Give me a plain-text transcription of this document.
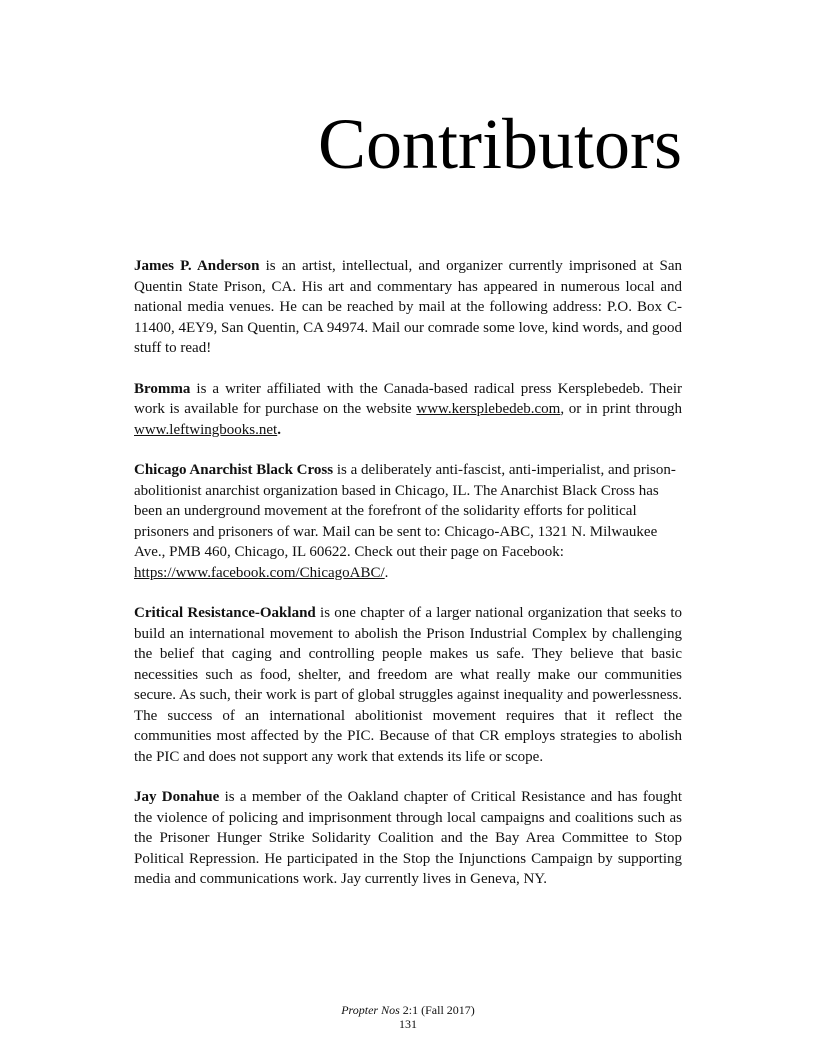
Contributors

James P. Anderson is an artist, intellectual, and organizer currently imprisoned at San Quentin State Prison, CA. His art and commentary has appeared in numerous local and national media venues. He can be reached by mail at the following address: P.O. Box C-11400, 4EY9, San Quentin, CA 94974. Mail our comrade some love, kind words, and good stuff to read!

Bromma is a writer affiliated with the Canada-based radical press Kersplebedeb. Their work is available for purchase on the website www.kersplebedeb.com, or in print through www.leftwingbooks.net.

Chicago Anarchist Black Cross is a deliberately anti-fascist, anti-imperialist, and prison-abolitionist anarchist organization based in Chicago, IL. The Anarchist Black Cross has been an underground movement at the forefront of the solidarity efforts for political prisoners and prisoners of war. Mail can be sent to: Chicago-ABC, 1321 N. Milwaukee Ave., PMB 460, Chicago, IL 60622. Check out their page on Facebook: https://www.facebook.com/ChicagoABC/.

Critical Resistance-Oakland is one chapter of a larger national organization that seeks to build an international movement to abolish the Prison Industrial Complex by challenging the belief that caging and controlling people makes us safe. They believe that basic necessities such as food, shelter, and freedom are what really make our communities secure. As such, their work is part of global struggles against inequality and powerlessness. The success of an international abolitionist movement requires that it reflect the communities most affected by the PIC. Because of that CR employs strategies to abolish the PIC and does not support any work that extends its life or scope.

Jay Donahue is a member of the Oakland chapter of Critical Resistance and has fought the violence of policing and imprisonment through local campaigns and coalitions such as the Prisoner Hunger Strike Solidarity Coalition and the Bay Area Committee to Stop Political Repression. He participated in the Stop the Injunctions Campaign by supporting media and communications work. Jay currently lives in Geneva, NY.

Propter Nos 2:1 (Fall 2017)
131
